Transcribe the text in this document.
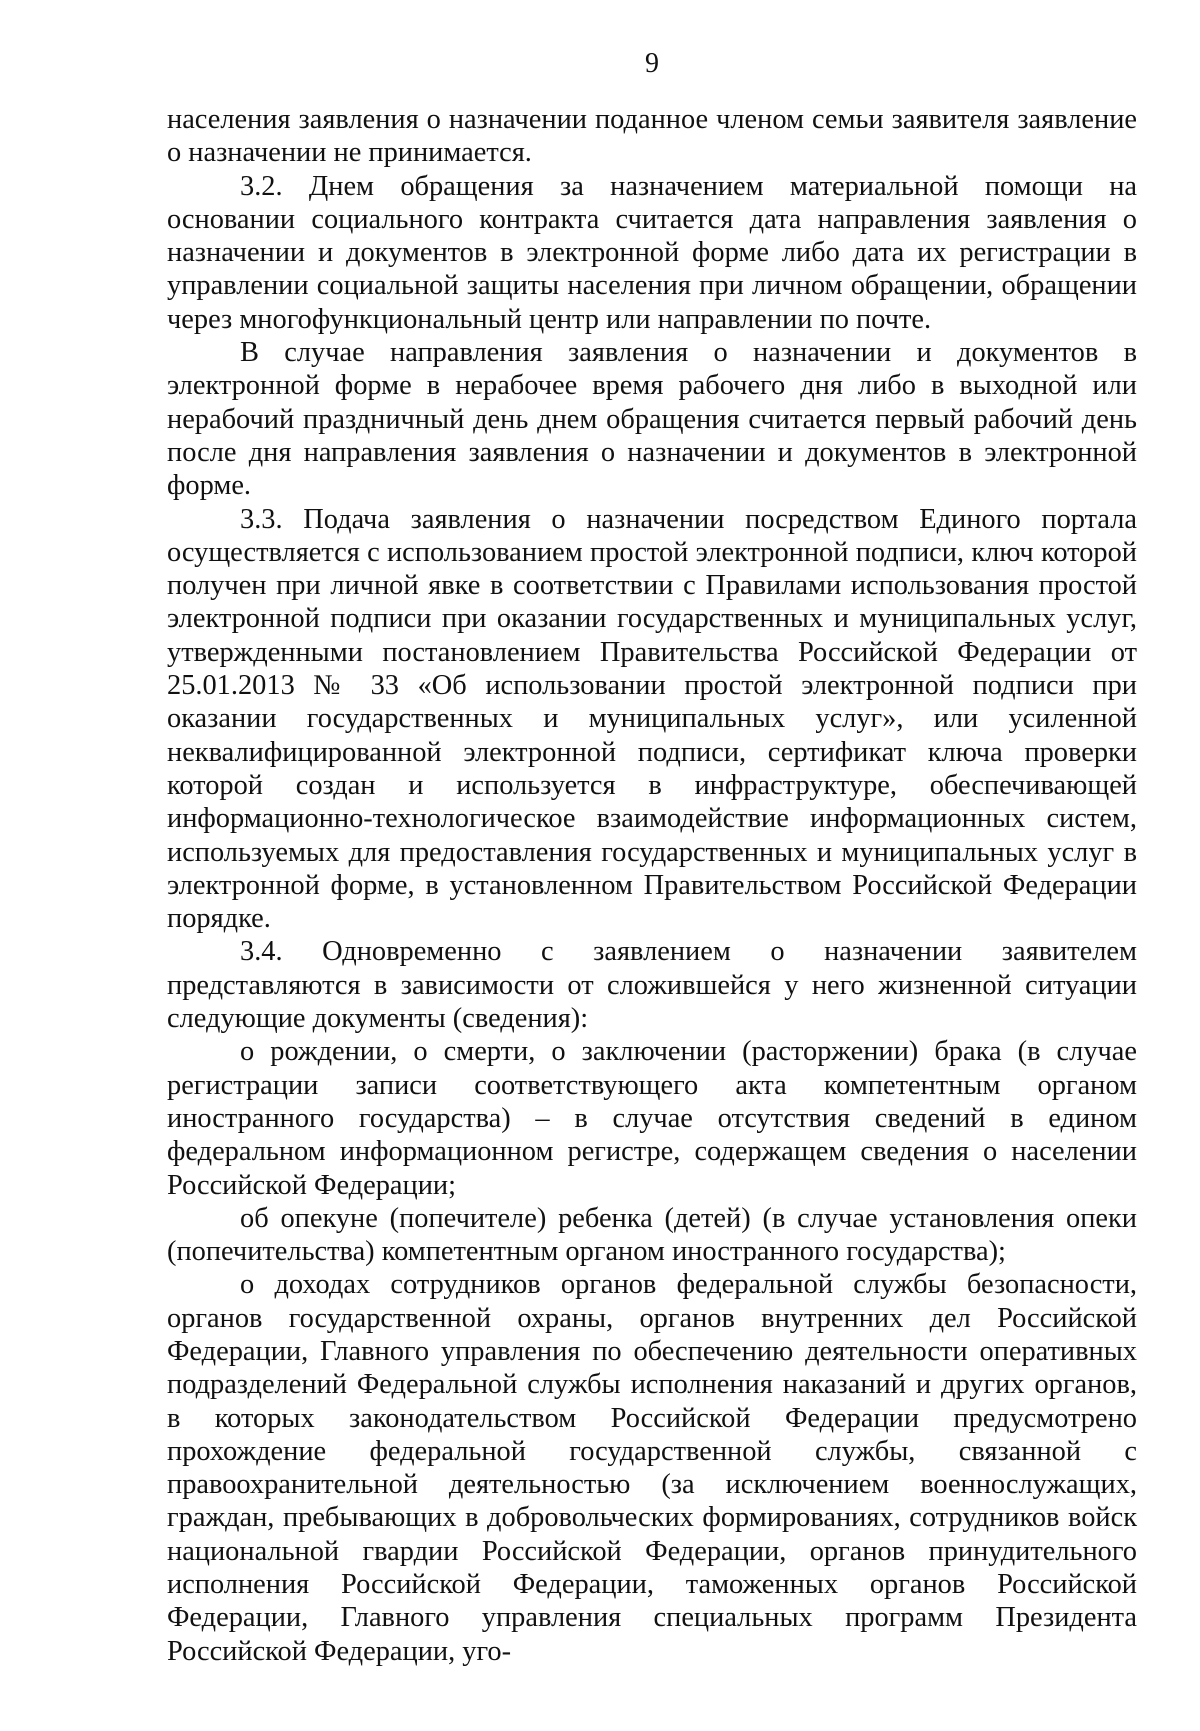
9

населения заявления о назначении поданное членом семьи заявителя заявление о назначении не принимается.

3.2. Днем обращения за назначением материальной помощи на основании социального контракта считается дата направления заявления о назначении и документов в электронной форме либо дата их регистрации в управлении социальной защиты населения при личном обращении, обращении через многофункциональный центр или направлении по почте.

В случае направления заявления о назначении и документов в электронной форме в нерабочее время рабочего дня либо в выходной или нерабочий праздничный день днем обращения считается первый рабочий день после дня направления заявления о назначении и документов в электронной форме.

3.3. Подача заявления о назначении посредством Единого портала осуществляется с использованием простой электронной подписи, ключ которой получен при личной явке в соответствии с Правилами использования простой электронной подписи при оказании государственных и муниципальных услуг, утвержденными постановлением Правительства Российской Федерации от 25.01.2013 № 33 «Об использовании простой электронной подписи при оказании государственных и муниципальных услуг», или усиленной неквалифицированной электронной подписи, сертификат ключа проверки которой создан и используется в инфраструктуре, обеспечивающей информационно-технологическое взаимодействие информационных систем, используемых для предоставления государственных и муниципальных услуг в электронной форме, в установленном Правительством Российской Федерации порядке.

3.4. Одновременно с заявлением о назначении заявителем представляются в зависимости от сложившейся у него жизненной ситуации следующие документы (сведения):

о рождении, о смерти, о заключении (расторжении) брака (в случае регистрации записи соответствующего акта компетентным органом иностранного государства) – в случае отсутствия сведений в едином федеральном информационном регистре, содержащем сведения о населении Российской Федерации;

об опекуне (попечителе) ребенка (детей) (в случае установления опеки (попечительства) компетентным органом иностранного государства);

о доходах сотрудников органов федеральной службы безопасности, органов государственной охраны, органов внутренних дел Российской Федерации, Главного управления по обеспечению деятельности оперативных подразделений Федеральной службы исполнения наказаний и других органов, в которых законодательством Российской Федерации предусмотрено прохождение федеральной государственной службы, связанной с правоохранительной деятельностью (за исключением военнослужащих, граждан, пребывающих в добровольческих формированиях, сотрудников войск национальной гвардии Российской Федерации, органов принудительного исполнения Российской Федерации, таможенных органов Российской Федерации, Главного управления специальных программ Президента Российской Федерации, уго-
